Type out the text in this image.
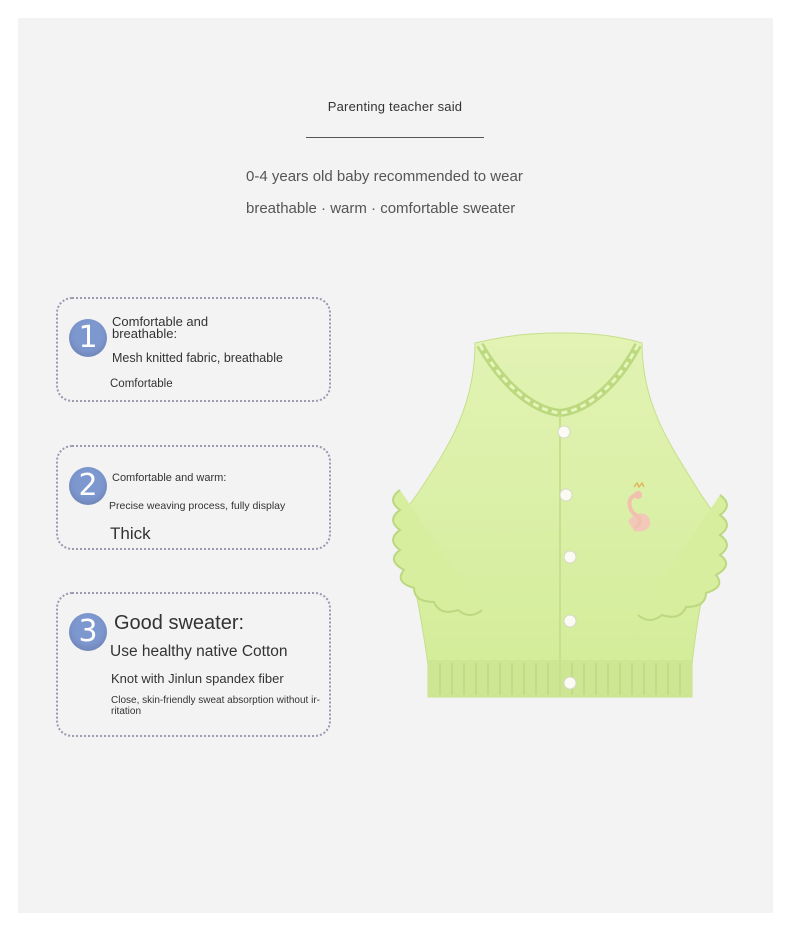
Parenting teacher said
0-4 years old baby recommended to wear
breathable · warm · comfortable sweater
1	Comfortable and breathable:
Mesh knitted fabric, breathable
Comfortable
2	Comfortable and warm:
Precise weaving process, fully display
Thick
3 Good sweater:
Use healthy native Cotton
Knot with Jinlun spandex fiber
Close, skin-friendly sweat absorption without ir-ritation
